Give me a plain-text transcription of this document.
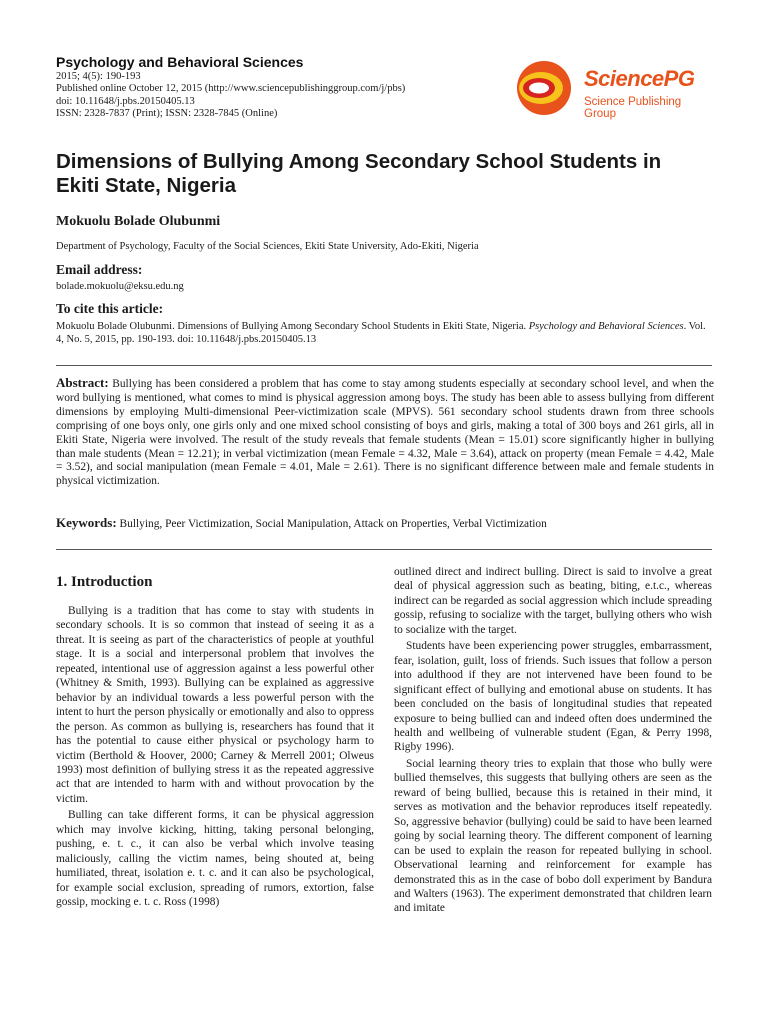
Psychology and Behavioral Sciences
2015; 4(5): 190-193
Published online October 12, 2015 (http://www.sciencepublishinggroup.com/j/pbs)
doi: 10.11648/j.pbs.20150405.13
ISSN: 2328-7837 (Print); ISSN: 2328-7845 (Online)
SciencePG
Science Publishing Group
Dimensions of Bullying Among Secondary School Students in Ekiti State, Nigeria
Mokuolu Bolade Olubunmi
Department of Psychology, Faculty of the Social Sciences, Ekiti State University, Ado-Ekiti, Nigeria
Email address:
bolade.mokuolu@eksu.edu.ng
To cite this article:
Mokuolu Bolade Olubunmi. Dimensions of Bullying Among Secondary School Students in Ekiti State, Nigeria. Psychology and Behavioral Sciences. Vol. 4, No. 5, 2015, pp. 190-193. doi: 10.11648/j.pbs.20150405.13
Abstract: Bullying has been considered a problem that has come to stay among students especially at secondary school level, and when the word bullying is mentioned, what comes to mind is physical aggression among boys. The study has been able to assess bullying from different dimensions by employing Multi-dimensional Peer-victimization scale (MPVS). 561 secondary school students drawn from three schools comprising of one boys only, one girls only and one mixed school consisting of boys and girls, making a total of 300 boys and 261 girls, all in Ekiti State, Nigeria were involved. The result of the study reveals that female students (Mean = 15.01) score significantly higher in bullying than male students (Mean = 12.21); in verbal victimization (mean Female = 4.32, Male = 3.64), attack on property (mean Female = 4.42, Male = 3.52), and social manipulation (mean Female = 4.01, Male = 2.61). There is no significant difference between male and female students in physical victimization.
Keywords: Bullying, Peer Victimization, Social Manipulation, Attack on Properties, Verbal Victimization
1. Introduction

Bullying is a tradition that has come to stay with students in secondary schools. It is so common that instead of seeing it as a threat. It is seeing as part of the characteristics of people at youthful stage. It is a social and interpersonal problem that involves the repeated, intentional use of aggression against a less powerful other (Whitney & Smith, 1993). Bullying can be explained as aggressive behavior by an individual towards a less powerful person with the intent to hurt the person physically or emotionally and also to oppress the person. As common as bullying is, researchers has found that it has the potential to cause either physical or psychology harm to victim (Berthold & Hoover, 2000; Carney & Merrell 2001; Olweus 1993) most definition of bullying stress it as the repeated aggressive act that are intended to harm with and without provocation by the victim.

Bulling can take different forms, it can be physical aggression which may involve kicking, hitting, taking personal belonging, pushing, e. t. c., it can also be verbal which involve teasing maliciously, calling the victim names, being shouted at, being humiliated, threat, isolation e. t. c. and it can also be psychological, for example social exclusion, spreading of rumors, extortion, false gossip, mocking e. t. c. Ross (1998)

outlined direct and indirect bulling. Direct is said to involve a great deal of physical aggression such as beating, biting, e.t.c., whereas indirect can be regarded as social aggression which include spreading gossip, refusing to socialize with the target, bullying others who wish to socialize with the target.

Students have been experiencing power struggles, embarrassment, fear, isolation, guilt, loss of friends. Such issues that follow a person into adulthood if they are not intervened have been found to be significant effect of bullying and emotional abuse on students. It has been concluded on the basis of longitudinal studies that repeated exposure to being bullied can and indeed often does undermined the health and wellbeing of vulnerable student (Egan, & Perry 1998, Rigby 1996).

Social learning theory tries to explain that those who bully were bullied themselves, this suggests that bullying others are seen as the reward of being bullied, because this is retained in their mind, it serves as motivation and the behavior reproduces itself repeatedly. So, aggressive behavior (bullying) could be said to have been learned going by social learning theory. The different component of learning can be used to explain the reason for repeated bullying in school. Observational learning and reinforcement for example has demonstrated this as in the case of bobo doll experiment by Bandura and Walters (1963). The experiment demonstrated that children learn and imitate
